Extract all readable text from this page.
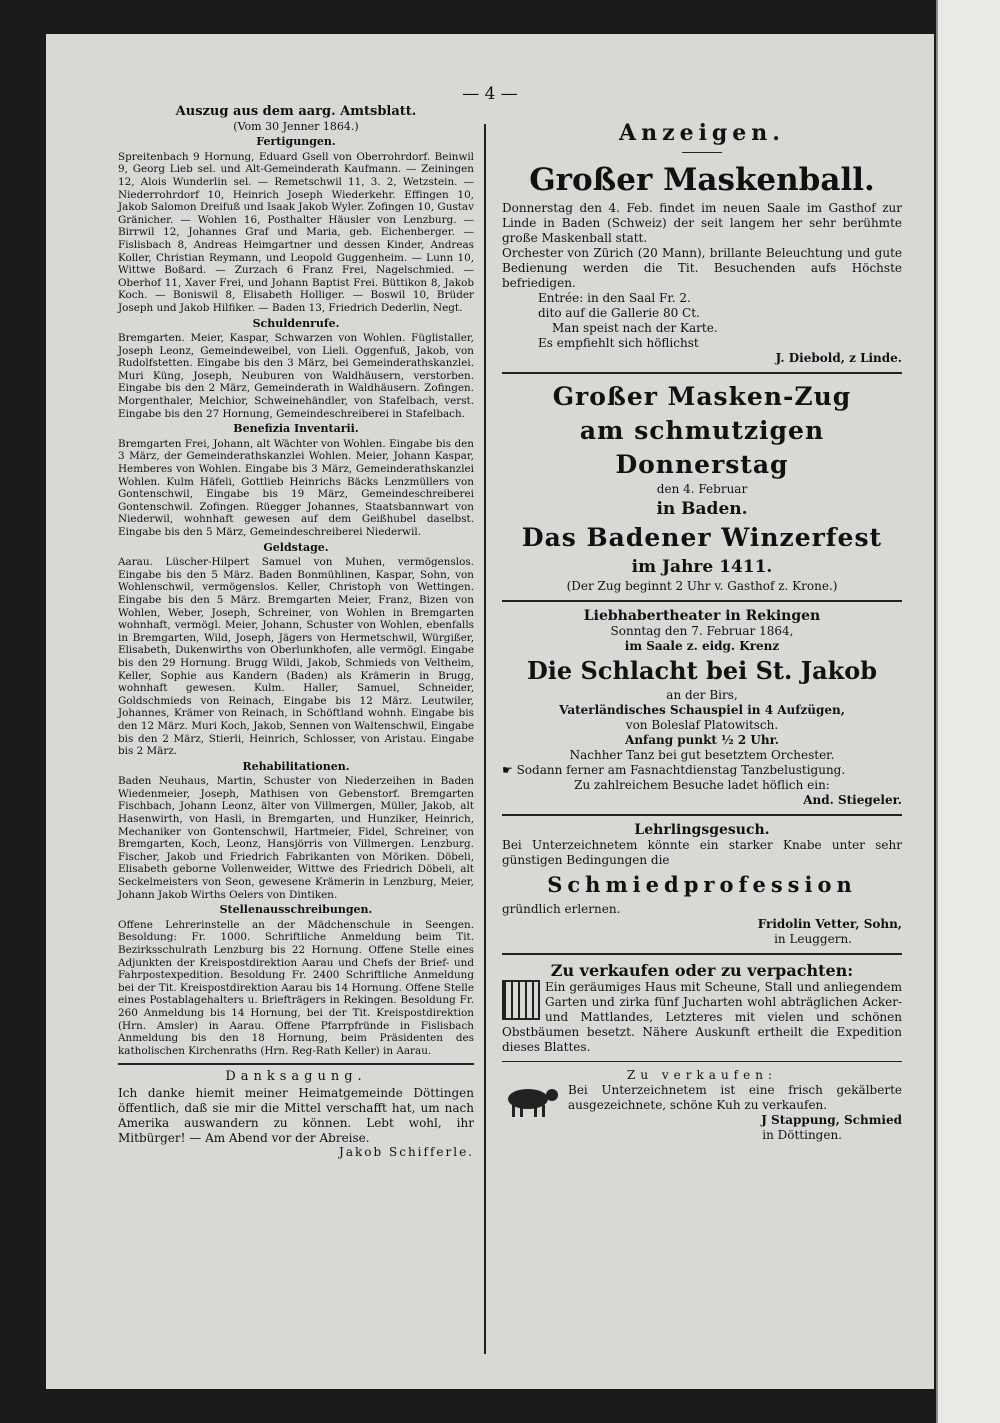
— 4 —
Auszug aus dem aarg. Amtsblatt.
(Vom 30 Jenner 1864.)
Fertigungen.

Spreitenbach 9 Hornung, Eduard Gsell von Oberrohrdorf. Beinwil 9, Georg Lieb sel. und Alt-Gemeinderath Kaufmann. — Zeiningen 12, Alois Wunderlin sel. — Remetschwil 11, 3. 2, Wetzstein. — Niederrohrdorf 10, Heinrich Joseph Wiederkehr. Effingen 10, Jakob Salomon Dreifuß und Isaak Jakob Wyler. Zofingen 10, Gustav Gränicher. — Wohlen 16, Posthalter Häusler von Lenzburg. — Birrwil 12, Johannes Graf und Maria, geb. Eichenberger. — Fislisbach 8, Andreas Heimgartner und dessen Kinder, Andreas Koller, Christian Reymann, und Leopold Guggenheim. — Lunn 10, Wittwe Boßard. — Zurzach 6 Franz Frei, Nagelschmied. — Oberhof 11, Xaver Frei, und Johann Baptist Frei. Büttikon 8, Jakob Koch. — Boniswil 8, Elisabeth Holliger. — Boswil 10, Brüder Joseph und Jakob Hilfiker. — Baden 13, Friedrich Dederlin, Negt.

Schuldenrufe.

Bremgarten. Meier, Kaspar, Schwarzen von Wohlen. Füglistaller, Joseph Leonz, Gemeindeweibel, von Lieli. Oggenfuß, Jakob, von Rudolfstetten. Eingabe bis den 3 März, bei Gemeinderathskanzlei. Muri Küng, Joseph, Neuburen von Waldhäusern, verstorben. Eingabe bis den 2 März, Gemeinderath in Waldhäusern. Zofingen. Morgenthaler, Melchior, Schweinehändler, von Stafelbach, verst. Eingabe bis den 27 Hornung, Gemeindeschreiberei in Stafelbach.

Benefizia Inventarii.

Bremgarten Frei, Johann, alt Wächter von Wohlen. Eingabe bis den 3 März, der Gemeinderathskanzlei Wohlen. Meier, Johann Kaspar, Hemberes von Wohlen. Eingabe bis 3 März, Gemeinderathskanzlei Wohlen. Kulm Häfeli, Gottlieb Heinrichs Bäcks Lenzmüllers von Gontenschwil, Eingabe bis 19 März, Gemeindeschreiberei Gontenschwil. Zofingen. Rüegger Johannes, Staatsbannwart von Niederwil, wohnhaft gewesen auf dem Geißhubel daselbst. Eingabe bis den 5 März, Gemeindeschreiberei Niederwil.

Geldstage.

Aarau. Lüscher-Hilpert Samuel von Muhen, vermögenslos. Eingabe bis den 5 März. Baden Bonmühlinen, Kaspar, Sohn, von Wohlenschwil, vermögenslos. Keller, Christoph von Wettingen. Eingabe bis den 5 März. Bremgarten Meier, Franz, Bizen von Wohlen, Weber, Joseph, Schreiner, von Wohlen in Bremgarten wohnhaft, vermögl. Meier, Johann, Schuster von Wohlen, ebenfalls in Bremgarten, Wild, Joseph, Jägers von Hermetschwil, Würgißer, Elisabeth, Dukenwirths von Oberlunkhofen, alle vermögl. Eingabe bis den 29 Hornung. Brugg Wildi, Jakob, Schmieds von Veltheim, Keller, Sophie aus Kandern (Baden) als Krämerin in Brugg, wohnhaft gewesen. Kulm. Haller, Samuel, Schneider, Goldschmieds von Reinach, Eingabe bis 12 März. Leutwiler, Johannes, Krämer von Reinach, in Schöftland wohnh. Eingabe bis den 12 März. Muri Koch, Jakob, Sennen von Waltenschwil, Eingabe bis den 2 März, Stierli, Heinrich, Schlosser, von Aristau. Eingabe bis 2 März.

Rehabilitationen.

Baden Neuhaus, Martin, Schuster von Niederzeihen in Baden Wiedenmeier, Joseph, Mathisen von Gebenstorf. Bremgarten Fischbach, Johann Leonz, älter von Villmergen, Müller, Jakob, alt Hasenwirth, von Hasli, in Bremgarten, und Hunziker, Heinrich, Mechaniker von Gontenschwil, Hartmeier, Fidel, Schreiner, von Bremgarten, Koch, Leonz, Hansjörris von Villmergen. Lenzburg. Fischer, Jakob und Friedrich Fabrikanten von Möriken. Döbeli, Elisabeth geborne Vollenweider, Wittwe des Friedrich Döbeli, alt Seckelmeisters von Seon, gewesene Krämerin in Lenzburg, Meier, Johann Jakob Wirths Oelers von Dintiken.

Stellenausschreibungen.

Offene Lehrerinstelle an der Mädchenschule in Seengen. Besoldung: Fr. 1000. Schriftliche Anmeldung beim Tit. Bezirksschulrath Lenzburg bis 22 Hornung. Offene Stelle eines Adjunkten der Kreispostdirektion Aarau und Chefs der Brief- und Fahrpostexpedition. Besoldung Fr. 2400 Schriftliche Anmeldung bei der Tit. Kreispostdirektion Aarau bis 14 Hornung. Offene Stelle eines Postablagehalters u. Briefträgers in Rekingen. Besoldung Fr. 260 Anmeldung bis 14 Hornung, bei der Tit. Kreispostdirektion (Hrn. Amsler) in Aarau. Offene Pfarrpfründe in Fislisbach Anmeldung bis den 18 Hornung, beim Präsidenten des katholischen Kirchenraths (Hrn. Reg-Rath Keller) in Aarau.

Danksagung.

Ich danke hiemit meiner Heimatgemeinde Döttingen öffentlich, daß sie mir die Mittel verschafft hat, um nach Amerika auswandern zu können. Lebt wohl, ihr Mitbürger! — Am Abend vor der Abreise.

Jakob Schifferle.

Anzeigen.
Großer Maskenball.

Donnerstag den 4. Feb. findet im neuen Saale im Gasthof zur Linde in Baden (Schweiz) der seit langem her sehr berühmte große Maskenball statt.

Orchester von Zürich (20 Mann), brillante Beleuchtung und gute Bedienung werden die Tit. Besuchenden aufs Höchste befriedigen.

Entrée: in den Saal Fr. 2.

dito auf die Gallerie 80 Ct.

Man speist nach der Karte.

Es empfiehlt sich höflichst

J. Diebold, z Linde.

Großer Masken-Zug
am schmutzigen Donnerstag
den 4. Februar
in Baden.
Das Badener Winzerfest
im Jahre 1411.
(Der Zug beginnt 2 Uhr v. Gasthof z. Krone.)
Liebhabertheater in Rekingen
Sonntag den 7. Februar 1864,
im Saale z. eidg. Krenz
Die Schlacht bei St. Jakob
an der Birs,
Vaterländisches Schauspiel in 4 Aufzügen,
von Boleslaf Platowitsch.
Anfang punkt ½ 2 Uhr.
Nachher Tanz bei gut besetztem Orchester.

☛ Sodann ferner am Fasnachtdienstag Tanzbelustigung.

Zu zahlreichem Besuche ladet höflich ein:

And. Stiegeler.

Lehrlingsgesuch.

Bei Unterzeichnetem könnte ein starker Knabe unter sehr günstigen Bedingungen die

Schmiedprofession

gründlich erlernen.

Fridolin Vetter, Sohn,

in Leuggern.

Zu verkaufen oder zu verpachten:

Ein geräumiges Haus mit Scheune, Stall und anliegendem Garten und zirka fünf Jucharten wohl abträglichen Acker- und Mattlandes, Letzteres mit vielen und schönen Obstbäumen besetzt. Nähere Auskunft ertheilt die Expedition dieses Blattes.

Zu verkaufen:

Bei Unterzeichnetem ist eine frisch gekälberte ausgezeichnete, schöne Kuh zu verkaufen.

J Stappung, Schmied

in Döttingen.
